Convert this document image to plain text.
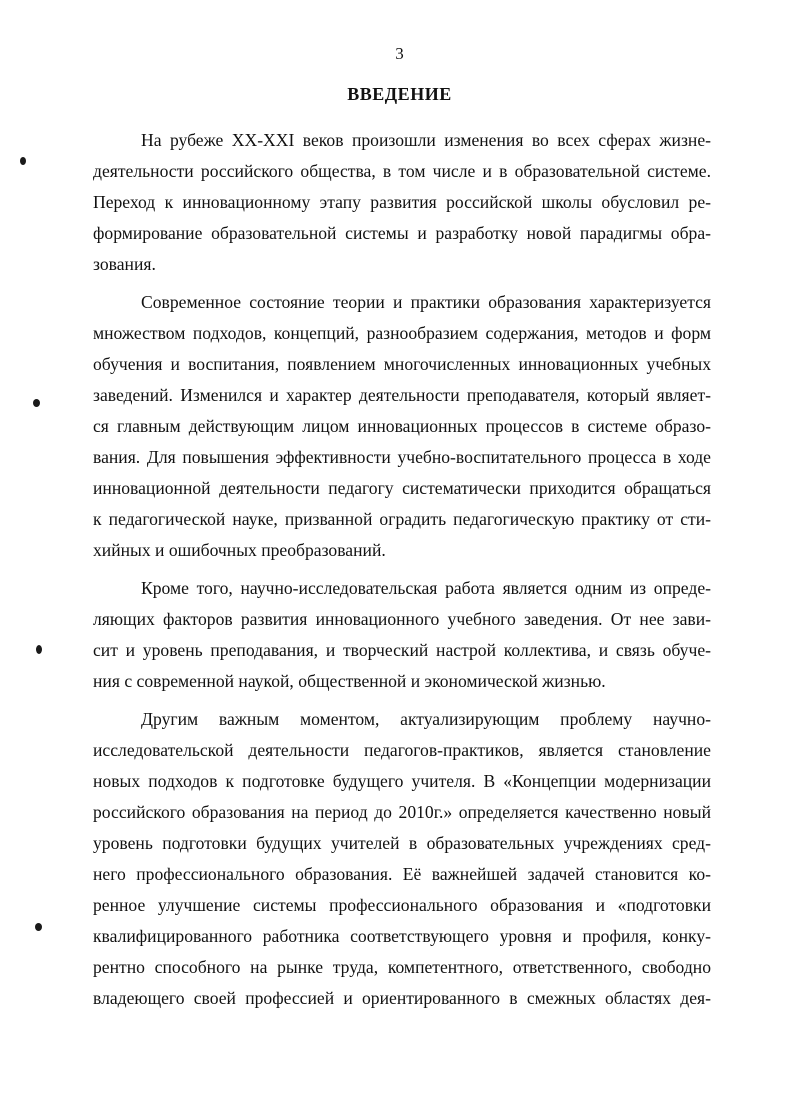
3
ВВЕДЕНИЕ
На рубеже XX-XXI веков произошли изменения во всех сферах жизне-
деятельности российского общества, в том числе и в образовательной системе.
Переход к инновационному этапу развития российской школы обусловил ре-
формирование образовательной системы и разработку новой парадигмы обра-
зования.
Современное состояние теории и практики образования характеризуется
множеством подходов, концепций, разнообразием содержания, методов и форм
обучения и воспитания, появлением многочисленных инновационных учебных
заведений. Изменился и характер деятельности преподавателя, который являет-
ся главным действующим лицом инновационных процессов в системе образо-
вания. Для повышения эффективности учебно-воспитательного процесса в ходе
инновационной деятельности педагогу систематически приходится обращаться
к педагогической науке, призванной оградить педагогическую практику от сти-
хийных и ошибочных преобразований.
Кроме того, научно-исследовательская работа является одним из опреде-
ляющих факторов развития инновационного учебного заведения. От нее зави-
сит и уровень преподавания, и творческий настрой коллектива, и связь обуче-
ния с современной наукой, общественной и экономической жизнью.
Другим важным моментом, актуализирующим проблему научно-
исследовательской деятельности педагогов-практиков, является становление
новых подходов к подготовке будущего учителя. В «Концепции модернизации
российского образования на период до 2010г.» определяется качественно новый
уровень подготовки будущих учителей в образовательных учреждениях сред-
него профессионального образования. Её важнейшей задачей становится ко-
ренное улучшение системы профессионального образования и «подготовки
квалифицированного работника соответствующего уровня и профиля, конку-
рентно способного на рынке труда, компетентного, ответственного, свободно
владеющего своей профессией и ориентированного в смежных областях дея-
